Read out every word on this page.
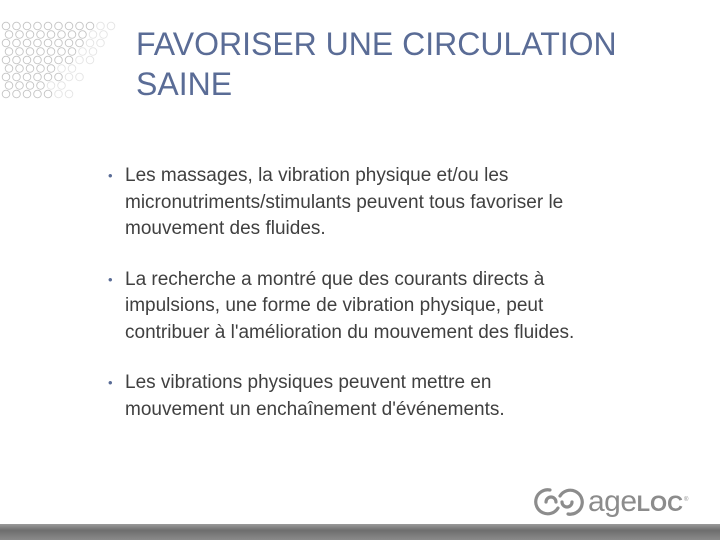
FAVORISER UNE CIRCULATION
SAINE
• Les massages, la vibration physique et/ou les
micronutriments/stimulants peuvent tous favoriser le
mouvement des fluides.
• La recherche a montré que des courants directs à
impulsions, une forme de vibration physique, peut
contribuer à l'amélioration du mouvement des fluides.
• Les vibrations physiques peuvent mettre en
mouvement un enchaînement d'événements.
ageLOC ®
